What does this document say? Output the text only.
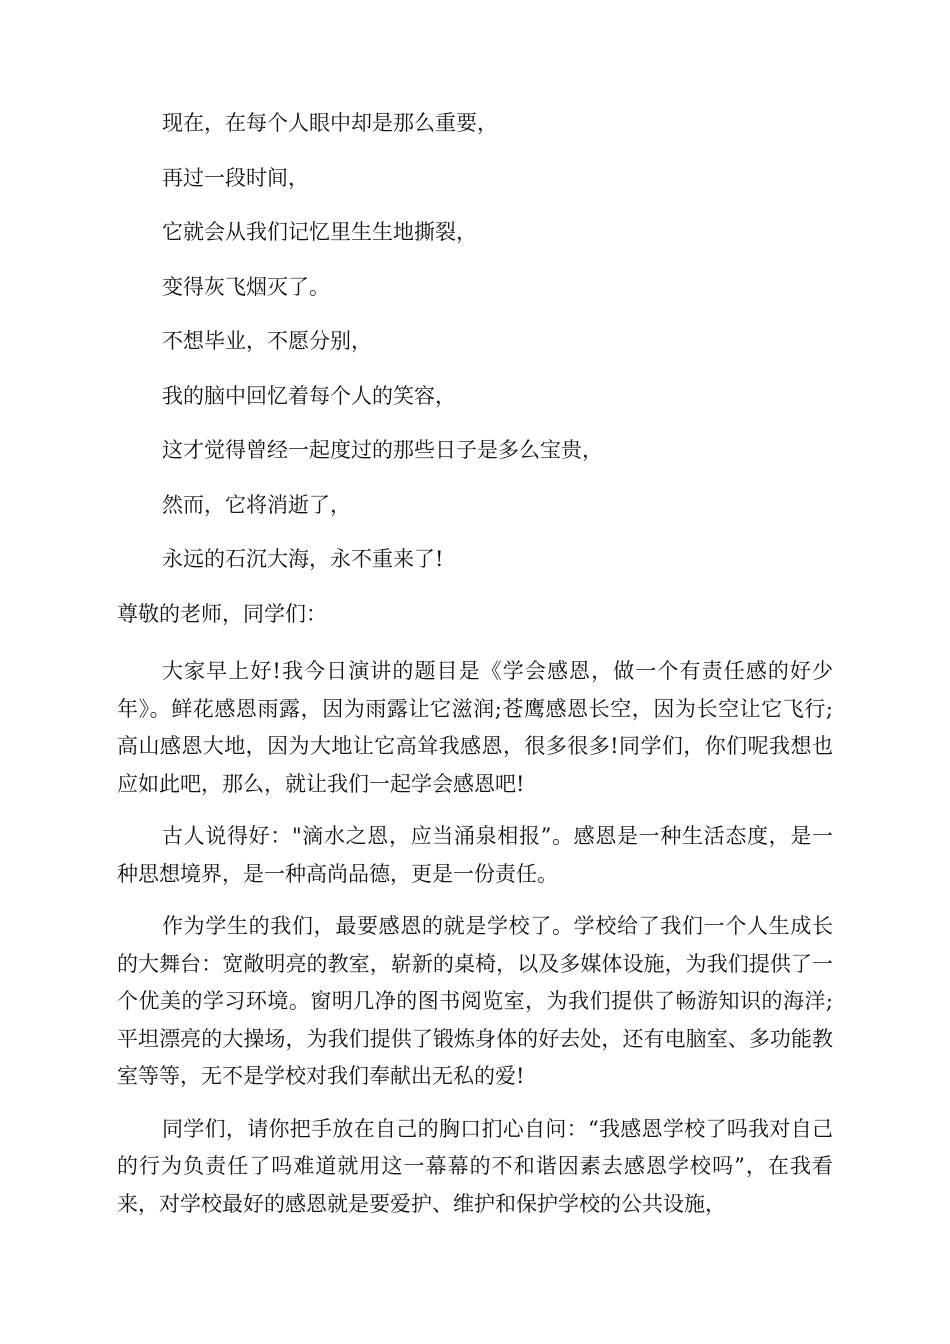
现在，在每个人眼中却是那么重要，
再过一段时间，
它就会从我们记忆里生生地撕裂，
变得灰飞烟灭了。
不想毕业，不愿分别，
我的脑中回忆着每个人的笑容，
这才觉得曾经一起度过的那些日子是多么宝贵，
然而，它将消逝了，
永远的石沉大海，永不重来了!
尊敬的老师，同学们：

大家早上好!我今日演讲的题目是《学会感恩，做一个有责任感的好少年》。鲜花感恩雨露，因为雨露让它滋润;苍鹰感恩长空，因为长空让它飞行;高山感恩大地，因为大地让它高耸我感恩，很多很多!同学们，你们呢我想也应如此吧，那么，就让我们一起学会感恩吧!

古人说得好："滴水之恩，应当涌泉相报”。感恩是一种生活态度，是一种思想境界，是一种高尚品德，更是一份责任。

作为学生的我们，最要感恩的就是学校了。学校给了我们一个人生成长的大舞台：宽敞明亮的教室，崭新的桌椅，以及多媒体设施，为我们提供了一个优美的学习环境。窗明几净的图书阅览室，为我们提供了畅游知识的海洋;平坦漂亮的大操场，为我们提供了锻炼身体的好去处，还有电脑室、多功能教室等等，无不是学校对我们奉献出无私的爱!

同学们，请你把手放在自己的胸口扪心自问：“我感恩学校了吗我对自己的行为负责任了吗难道就用这一幕幕的不和谐因素去感恩学校吗”，在我看来，对学校最好的感恩就是要爱护、维护和保护学校的公共设施，
